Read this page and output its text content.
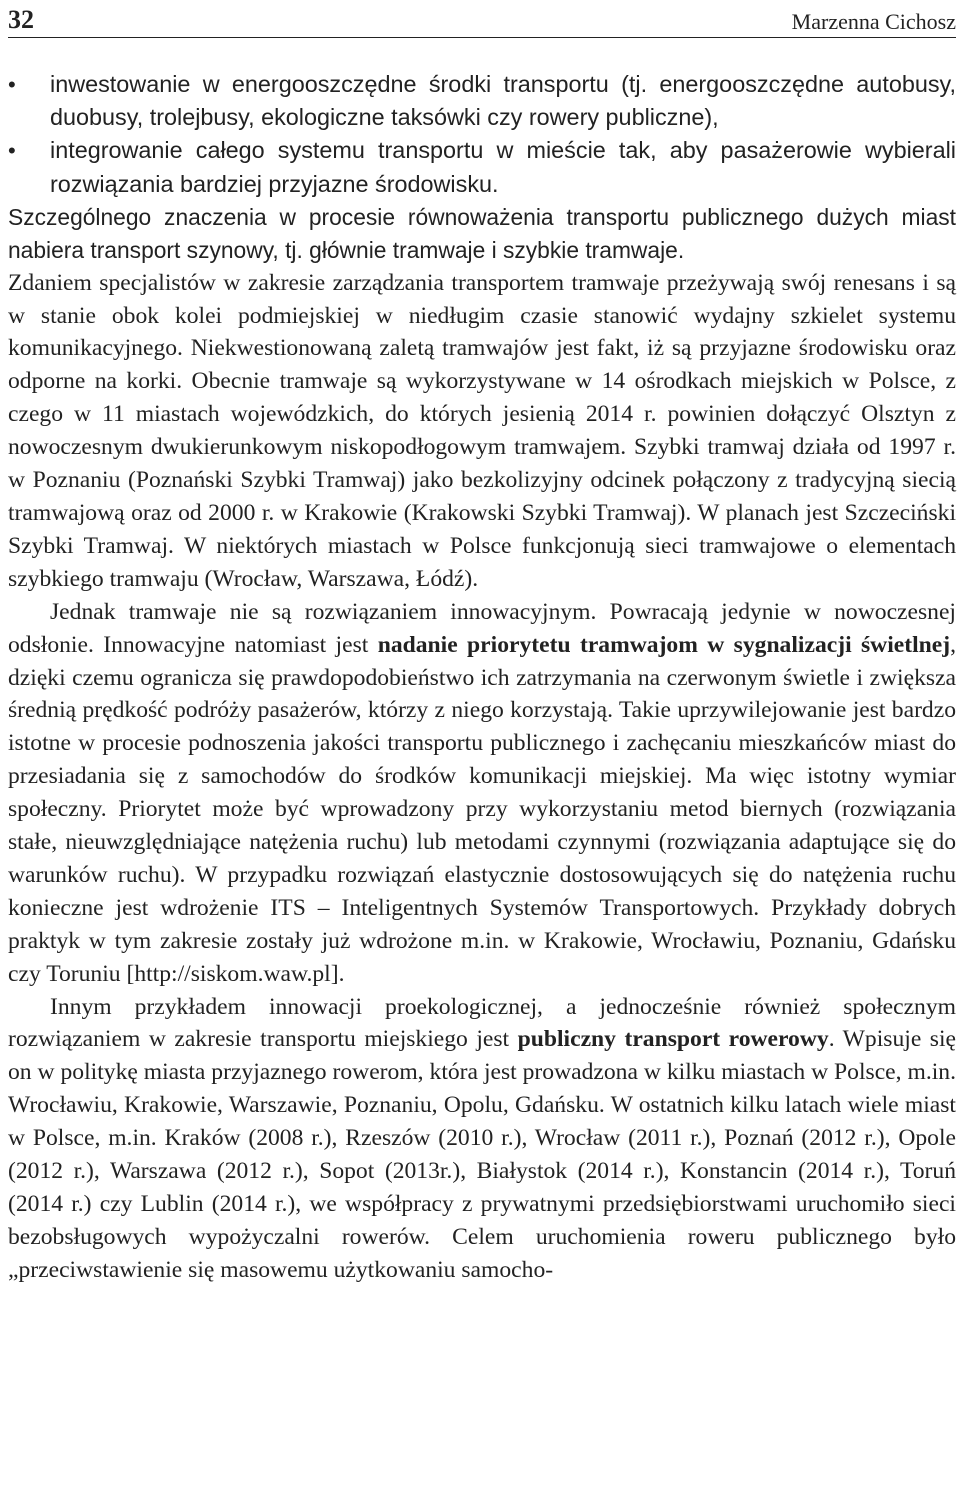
32	Marzenna Cichosz
• inwestowanie w energooszczędne środki transportu (tj. energooszczędne autobusy, duobusy, trolejbusy, ekologiczne taksówki czy rowery publiczne),
• integrowanie całego systemu transportu w mieście tak, aby pasażerowie wybierali rozwiązania bardziej przyjazne środowisku.

Szczególnego znaczenia w procesie równoważenia transportu publicznego dużych miast nabiera transport szynowy, tj. głównie tramwaje i szybkie tramwaje.

Zdaniem specjalistów w zakresie zarządzania transportem tramwaje przeżywają swój renesans i są w stanie obok kolei podmiejskiej w niedługim czasie stanowić wydajny szkielet systemu komunikacyjnego. Niekwestionowaną zaletą tramwajów jest fakt, iż są przyjazne środowisku oraz odporne na korki. Obecnie tramwaje są wykorzystywane w 14 ośrodkach miejskich w Polsce, z czego w 11 miastach wojewódzkich, do których jesienią 2014 r. powinien dołączyć Olsztyn z nowoczesnym dwukierunkowym niskopodłogowym tramwajem. Szybki tramwaj działa od 1997 r. w Poznaniu (Poznański Szybki Tramwaj) jako bezkolizyjny odcinek połączony z tradycyjną siecią tramwajową oraz od 2000 r. w Krakowie (Krakowski Szybki Tramwaj). W planach jest Szczeciński Szybki Tramwaj. W niektórych miastach w Polsce funkcjonują sieci tramwajowe o elementach szybkiego tramwaju (Wrocław, Warszawa, Łódź).

Jednak tramwaje nie są rozwiązaniem innowacyjnym. Powracają jedynie w nowoczesnej odsłonie. Innowacyjne natomiast jest nadanie priorytetu tramwajom w sygnalizacji świetlnej, dzięki czemu ogranicza się prawdopodobieństwo ich zatrzymania na czerwonym świetle i zwiększa średnią prędkość podróży pasażerów, którzy z niego korzystają. Takie uprzywilejowanie jest bardzo istotne w procesie podnoszenia jakości transportu publicznego i zachęcaniu mieszkańców miast do przesiadania się z samochodów do środków komunikacji miejskiej. Ma więc istotny wymiar społeczny. Priorytet może być wprowadzony przy wykorzystaniu metod biernych (rozwiązania stałe, nieuwzględniające natężenia ruchu) lub metodami czynnymi (rozwiązania adaptujące się do warunków ruchu). W przypadku rozwiązań elastycznie dostosowujących się do natężenia ruchu konieczne jest wdrożenie ITS – Inteligentnych Systemów Transportowych. Przykłady dobrych praktyk w tym zakresie zostały już wdrożone m.in. w Krakowie, Wrocławiu, Poznaniu, Gdańsku czy Toruniu [http://siskom.waw.pl].

Innym przykładem innowacji proekologicznej, a jednocześnie również społecznym rozwiązaniem w zakresie transportu miejskiego jest publiczny transport rowerowy. Wpisuje się on w politykę miasta przyjaznego rowerom, która jest prowadzona w kilku miastach w Polsce, m.in. Wrocławiu, Krakowie, Warszawie, Poznaniu, Opolu, Gdańsku. W ostatnich kilku latach wiele miast w Polsce, m.in. Kraków (2008 r.), Rzeszów (2010 r.), Wrocław (2011 r.), Poznań (2012 r.), Opole (2012 r.), Warszawa (2012 r.), Sopot (2013r.), Białystok (2014 r.), Konstancin (2014 r.), Toruń (2014 r.) czy Lublin (2014 r.), we współpracy z prywatnymi przedsiębiorstwami uruchomiło sieci bezobsługowych wypożyczalni rowerów. Celem uruchomienia roweru publicznego było „przeciwstawienie się masowemu użytkowaniu samocho-
